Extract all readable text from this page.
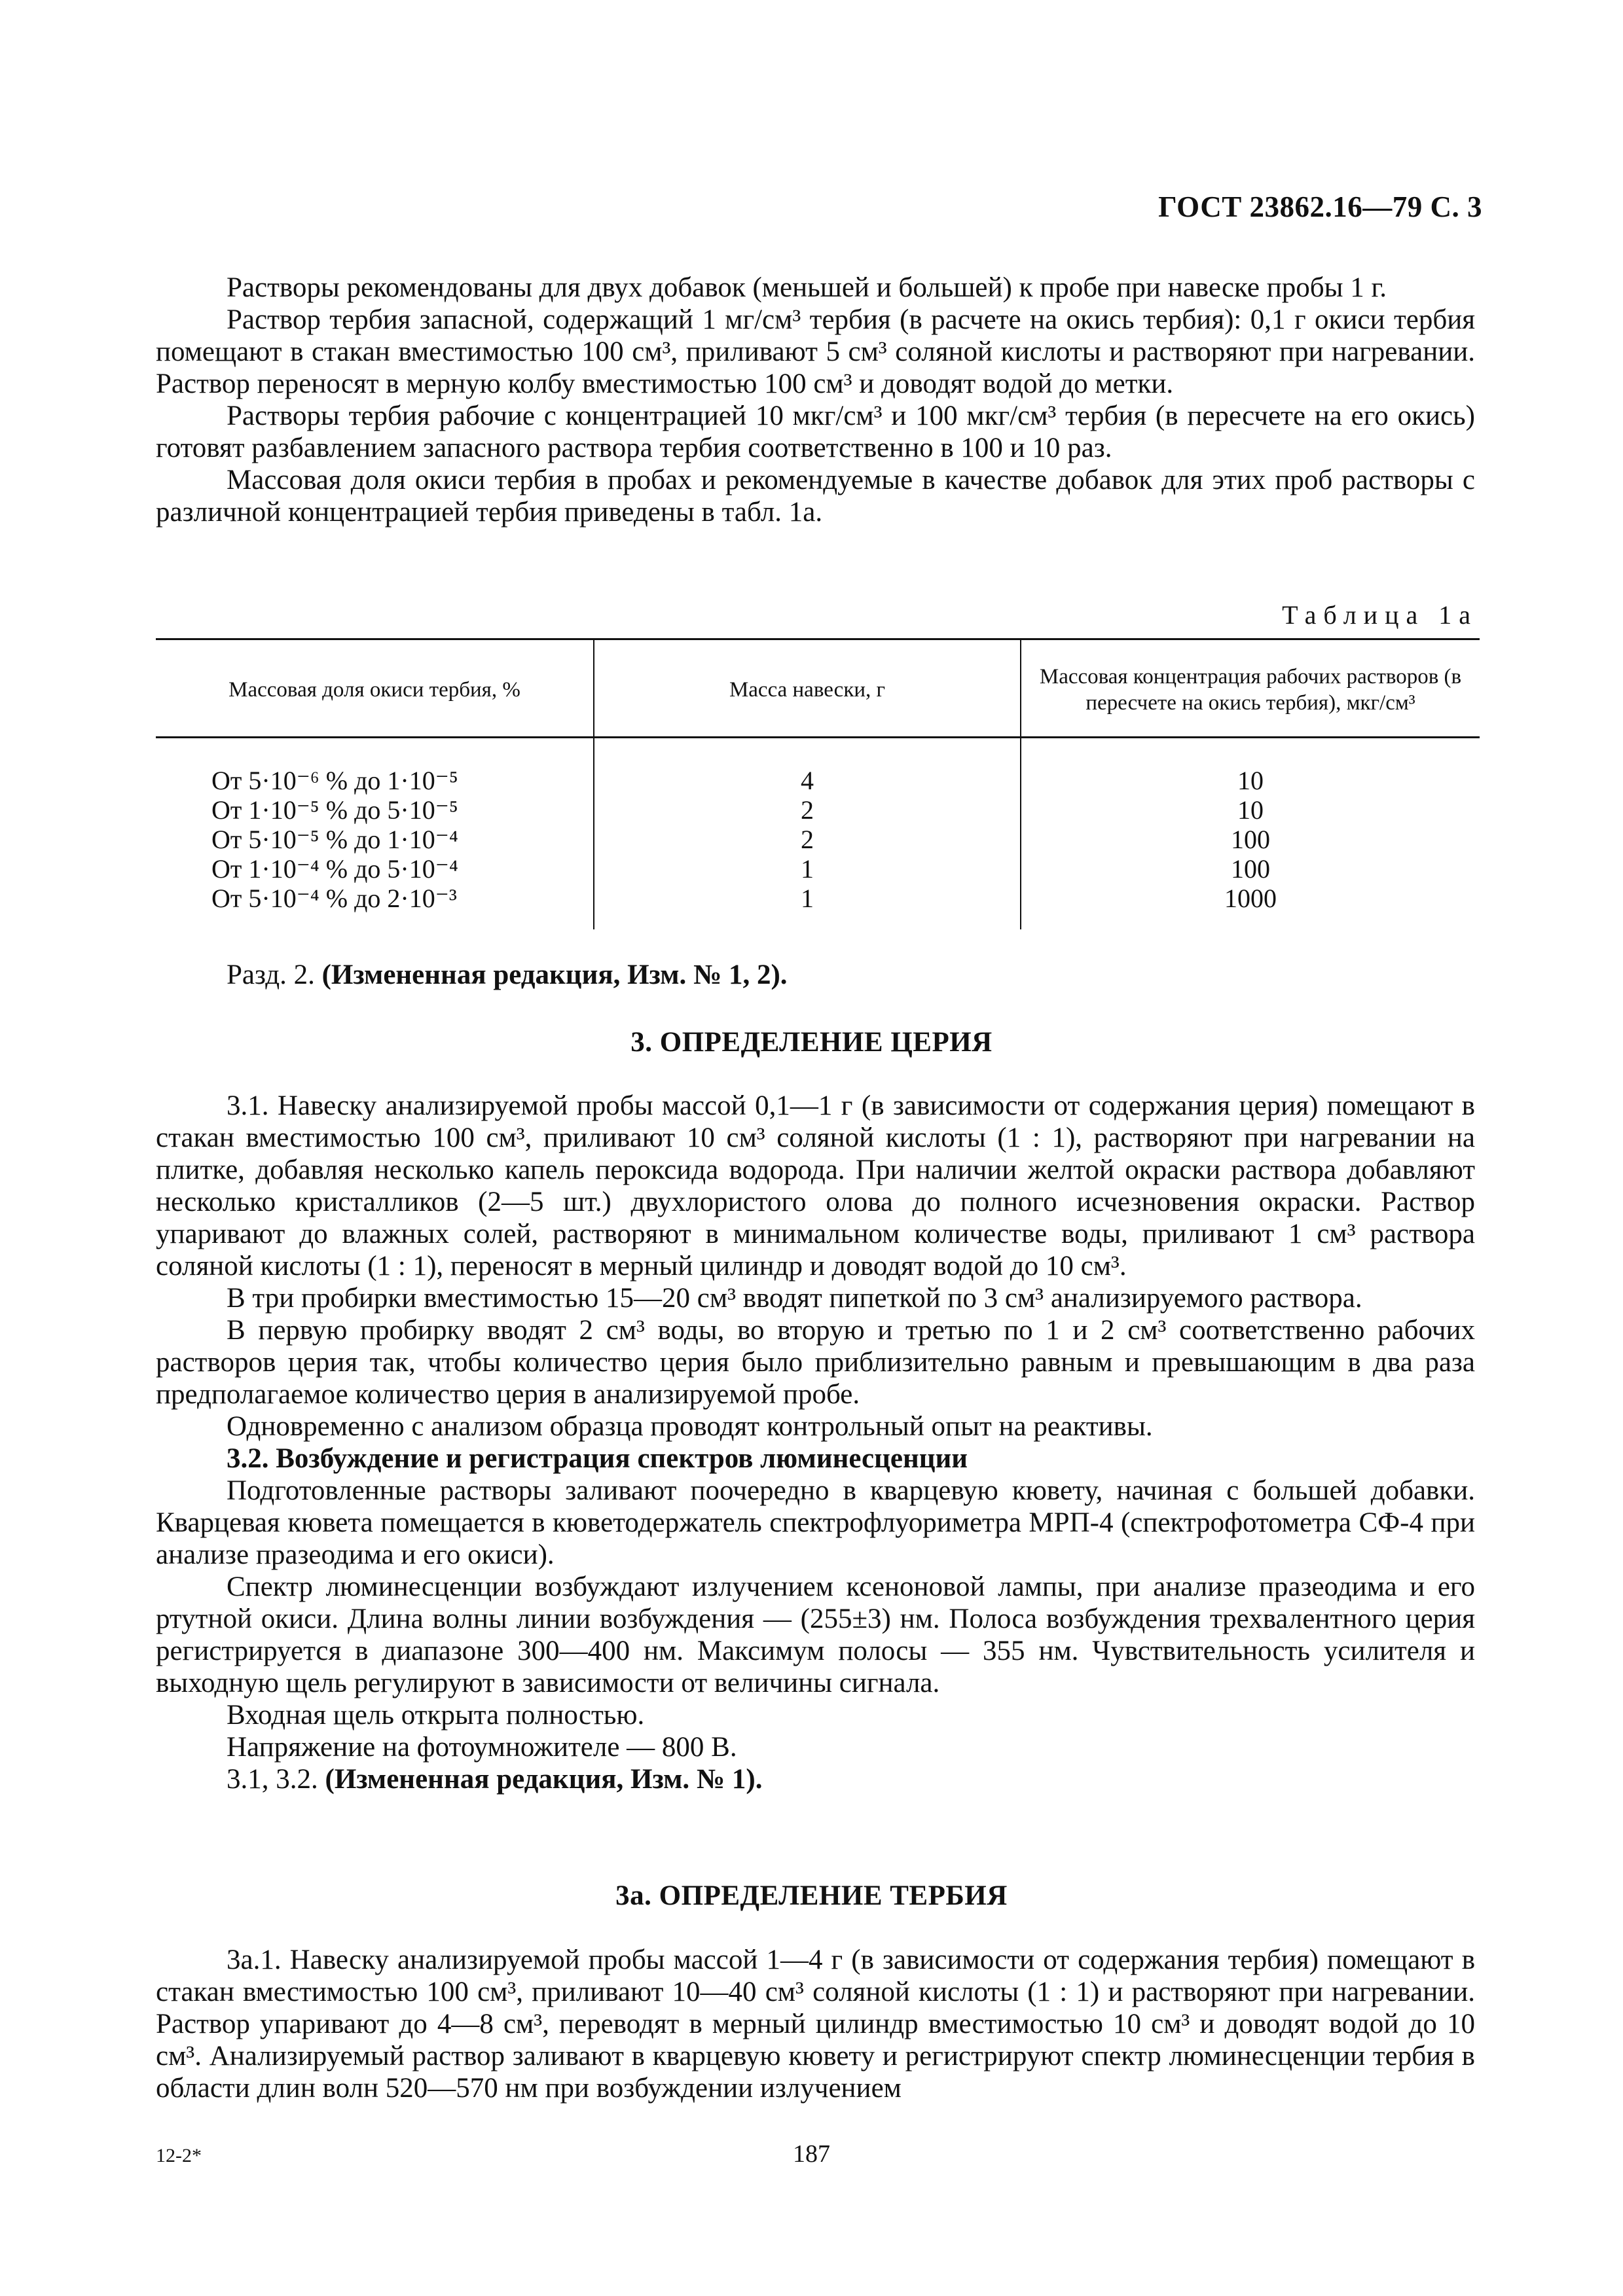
ГОСТ 23862.16—79 С. 3

Растворы рекомендованы для двух добавок (меньшей и большей) к пробе при навеске пробы 1 г.

Раствор тербия запасной, содержащий 1 мг/см³ тербия (в расчете на окись тербия): 0,1 г окиси тербия помещают в стакан вместимостью 100 см³, приливают 5 см³ соляной кислоты и растворяют при нагревании. Раствор переносят в мерную колбу вместимостью 100 см³ и доводят водой до метки.

Растворы тербия рабочие с концентрацией 10 мкг/см³ и 100 мкг/см³ тербия (в пересчете на его окись) готовят разбавлением запасного раствора тербия соответственно в 100 и 10 раз.

Массовая доля окиси тербия в пробах и рекомендуемые в качестве добавок для этих проб растворы с различной концентрацией тербия приведены в табл. 1а.

Таблица 1а
Массовая доля окиси тербия, %	Масса навески, г
Массовая концентрация рабочих растворов (в пересчете на окись тербия), мкг/см³
От 5·10⁻⁶ % до 1·10⁻⁵
От 1·10⁻⁵ % до 5·10⁻⁵
От 5·10⁻⁵ % до 1·10⁻⁴
От 1·10⁻⁴ % до 5·10⁻⁴
От 5·10⁻⁴ % до 2·10⁻³
4
2
2
1
1
10
10
100
100
1000

Разд. 2. (Измененная редакция, Изм. № 1, 2).

3. ОПРЕДЕЛЕНИЕ ЦЕРИЯ

3.1. Навеску анализируемой пробы массой 0,1—1 г (в зависимости от содержания церия) помещают в стакан вместимостью 100 см³, приливают 10 см³ соляной кислоты (1 : 1), растворяют при нагревании на плитке, добавляя несколько капель пероксида водорода. При наличии желтой окраски раствора добавляют несколько кристалликов (2—5 шт.) двухлористого олова до полного исчезновения окраски. Раствор упаривают до влажных солей, растворяют в минимальном количестве воды, приливают 1 см³ раствора соляной кислоты (1 : 1), переносят в мерный цилиндр и доводят водой до 10 см³.

В три пробирки вместимостью 15—20 см³ вводят пипеткой по 3 см³ анализируемого раствора.

В первую пробирку вводят 2 см³ воды, во вторую и третью по 1 и 2 см³ соответственно рабочих растворов церия так, чтобы количество церия было приблизительно равным и превышающим в два раза предполагаемое количество церия в анализируемой пробе.

Одновременно с анализом образца проводят контрольный опыт на реактивы.

3.2. Возбуждение и регистрация спектров люминесценции

Подготовленные растворы заливают поочередно в кварцевую кювету, начиная с большей добавки. Кварцевая кювета помещается в кюветодержатель спектрофлуориметра МРП-4 (спектрофотометра СФ-4 при анализе празеодима и его окиси).

Спектр люминесценции возбуждают излучением ксеноновой лампы, при анализе празеодима и его ртутной окиси. Длина волны линии возбуждения — (255±3) нм. Полоса возбуждения трехвалентного церия регистрируется в диапазоне 300—400 нм. Максимум полосы — 355 нм. Чувствительность усилителя и выходную щель регулируют в зависимости от величины сигнала.

Входная щель открыта полностью.

Напряжение на фотоумножителе — 800 В.

3.1, 3.2. (Измененная редакция, Изм. № 1).

3а. ОПРЕДЕЛЕНИЕ ТЕРБИЯ

3а.1. Навеску анализируемой пробы массой 1—4 г (в зависимости от содержания тербия) помещают в стакан вместимостью 100 см³, приливают 10—40 см³ соляной кислоты (1 : 1) и растворяют при нагревании. Раствор упаривают до 4—8 см³, переводят в мерный цилиндр вместимостью 10 см³ и доводят водой до 10 см³. Анализируемый раствор заливают в кварцевую кювету и регистрируют спектр люминесценции тербия в области длин волн 520—570 нм при возбуждении излучением

12-2*	187
